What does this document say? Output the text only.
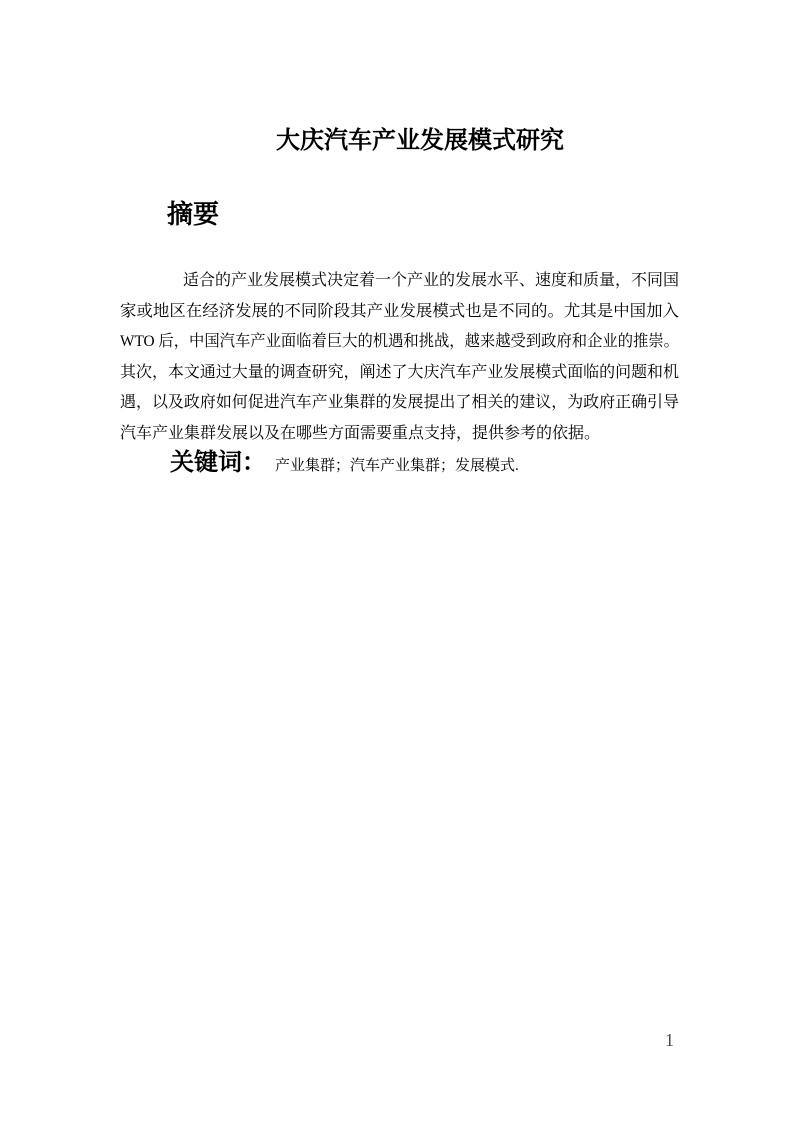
大庆汽车产业发展模式研究
摘要
适合的产业发展模式决定着一个产业的发展水平、速度和质量，不同国
家或地区在经济发展的不同阶段其产业发展模式也是不同的。尤其是中国加入
WTO 后，中国汽车产业面临着巨大的机遇和挑战，越来越受到政府和企业的推崇。
其次，本文通过大量的调查研究，阐述了大庆汽车产业发展模式面临的问题和机
遇，以及政府如何促进汽车产业集群的发展提出了相关的建议，为政府正确引导
汽车产业集群发展以及在哪些方面需要重点支持，提供参考的依据。
关键词： 产业集群；汽车产业集群；发展模式.
1
